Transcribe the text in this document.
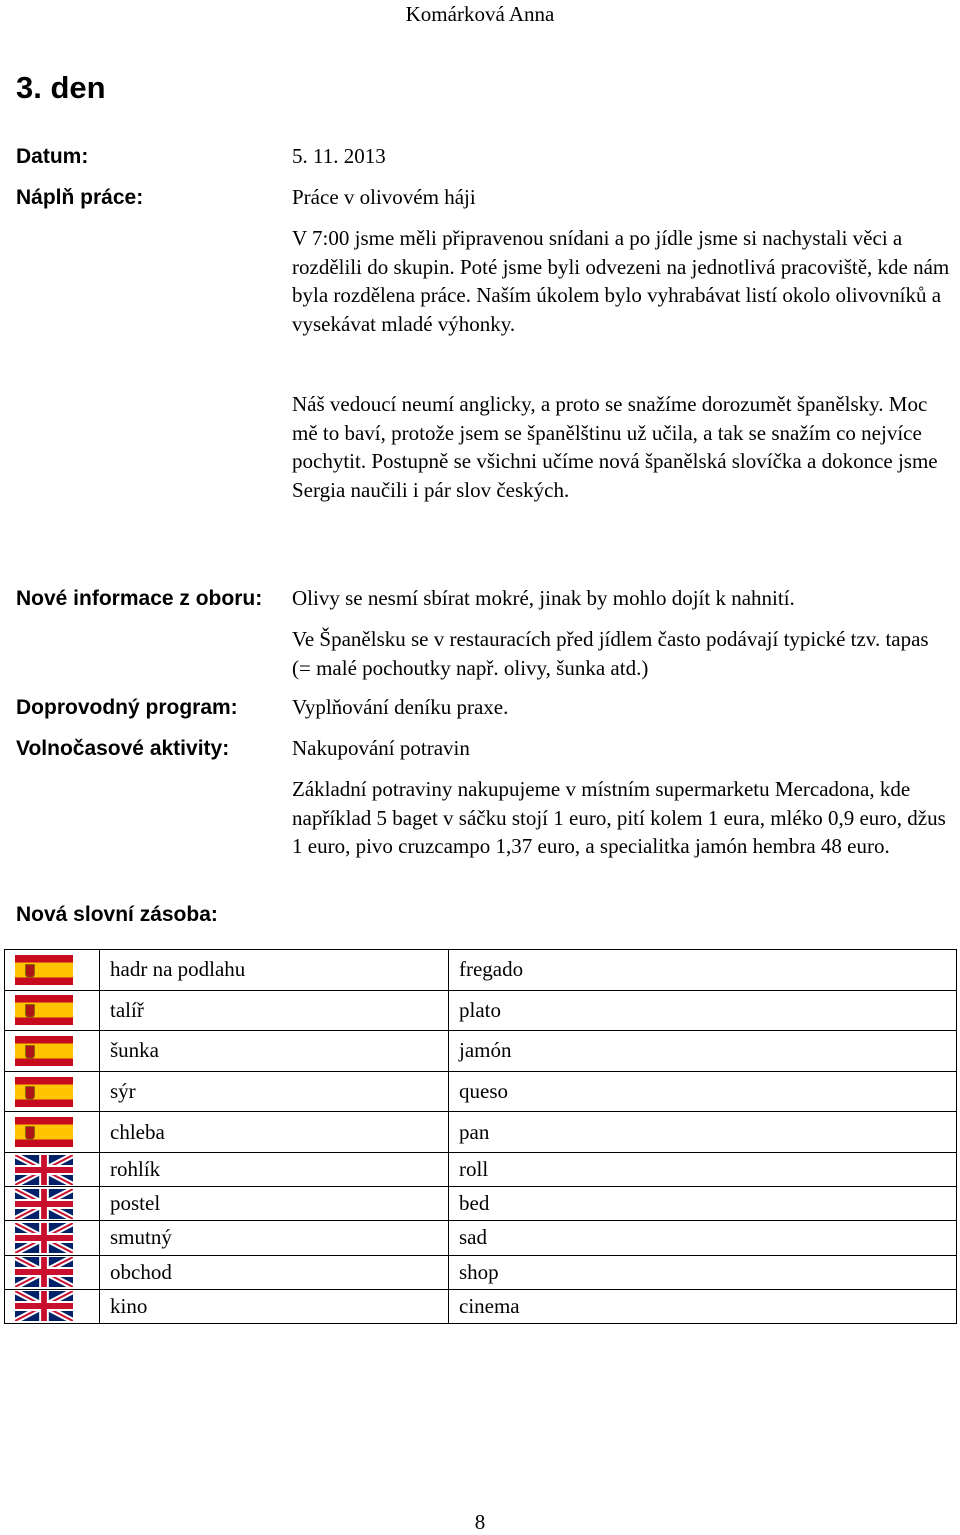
Komárková Anna
3. den
Datum:	5. 11. 2013
Náplň práce:	Práce v olivovém háji

V 7:00 jsme měli připravenou snídani a po jídle jsme si nachystali věci a rozdělili do skupin. Poté jsme byli odvezeni na jednotlivá pracoviště, kde nám byla rozdělena práce. Naším úkolem bylo vyhrabávat listí okolo olivovníků a vysekávat mladé výhonky.

Náš vedoucí neumí anglicky, a proto se snažíme dorozumět španělsky. Moc mě to baví, protože jsem se španělštinu už učila, a tak se snažím co nejvíce pochytit. Postupně se všichni učíme nová španělská slovíčka a dokonce jsme Sergia naučili i pár slov českých.

Nové informace z oboru: Olivy se nesmí sbírat mokré, jinak by mohlo dojít k nahnití.
Ve Španělsku se v restauracích před jídlem často podávají typické tzv. tapas (= malé pochoutky např. olivy, šunka atd.)
Doprovodný program:	Vyplňování deníku praxe.
Volnočasové aktivity:	Nakupování potravin
Základní potraviny nakupujeme v místním supermarketu Mercadona, kde například 5 baget v sáčku stojí 1 euro, pití kolem 1 eura, mléko 0,9 euro, džus 1 euro, pivo cruzcampo 1,37 euro, a specialitka jamón hembra 48 euro.
Nová slovní zásoba:
	hadr na podlahu	fregado

	talíř	plato

	šunka	jamón

	sýr	queso

	chleba	pan

	rohlík	roll

	postel	bed

	smutný	sad

	obchod	shop

	kino	cinema
8
